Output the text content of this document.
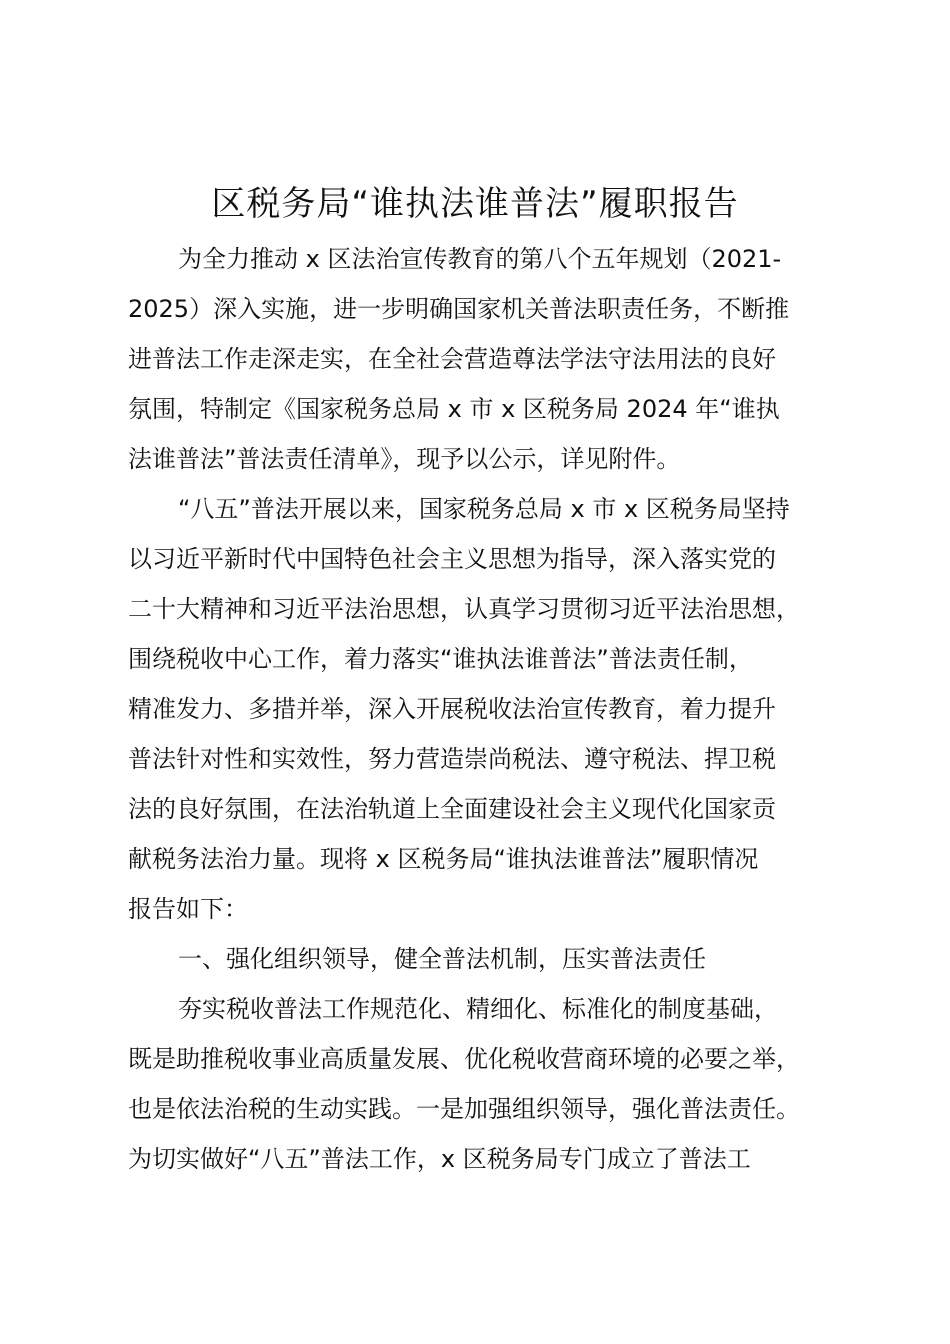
区税务局“谁执法谁普法”履职报告

为全力推动 x 区法治宣传教育的第八个五年规划（2021-
2025）深入实施，进一步明确国家机关普法职责任务，不断推
进普法工作走深走实，在全社会营造尊法学法守法用法的良好
氛围，特制定《国家税务总局 x 市 x 区税务局 2024 年“谁执
法谁普法”普法责任清单》，现予以公示，详见附件。

“八五”普法开展以来，国家税务总局 x 市 x 区税务局坚持
以习近平新时代中国特色社会主义思想为指导，深入落实党的
二十大精神和习近平法治思想，认真学习贯彻习近平法治思想，
围绕税收中心工作，着力落实“谁执法谁普法”普法责任制，
精准发力、多措并举，深入开展税收法治宣传教育，着力提升
普法针对性和实效性，努力营造崇尚税法、遵守税法、捍卫税
法的良好氛围，在法治轨道上全面建设社会主义现代化国家贡
献税务法治力量。现将 x 区税务局“谁执法谁普法”履职情况
报告如下：

一、强化组织领导，健全普法机制，压实普法责任

夯实税收普法工作规范化、精细化、标准化的制度基础，
既是助推税收事业高质量发展、优化税收营商环境的必要之举，
也是依法治税的生动实践。一是加强组织领导，强化普法责任。
为切实做好“八五”普法工作，x 区税务局专门成立了普法工
